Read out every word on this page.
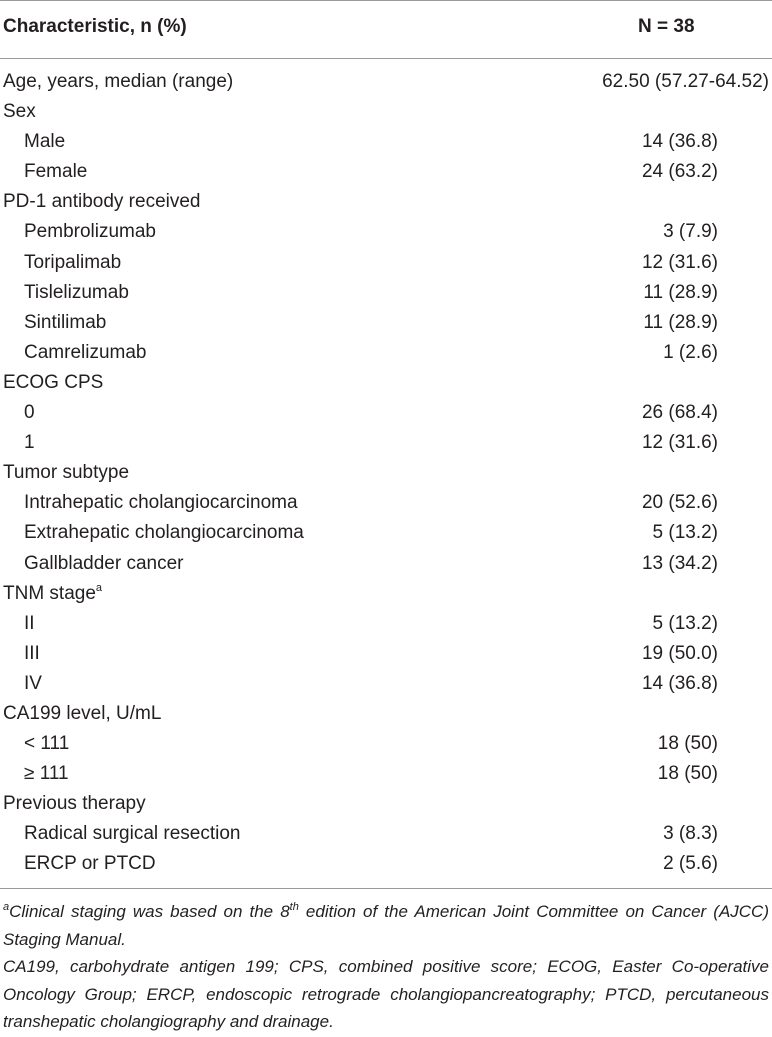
Characteristic, n (%)	N = 38
Age, years, median (range)	62.50 (57.27-64.52)
Sex
Male	14 (36.8)
Female	24 (63.2)
PD-1 antibody received
Pembrolizumab	3 (7.9)
Toripalimab	12 (31.6)
Tislelizumab	11 (28.9)
Sintilimab	11 (28.9)
Camrelizumab	1 (2.6)
ECOG CPS
0	26 (68.4)
1	12 (31.6)
Tumor subtype
Intrahepatic cholangiocarcinoma	20 (52.6)
Extrahepatic cholangiocarcinoma	5 (13.2)
Gallbladder cancer	13 (34.2)
TNM stage$^a$
II	5 (13.2)
III	19 (50.0)
IV	14 (36.8)
CA199 level, U/mL
< 111	18 (50)
≥ 111	18 (50)
Previous therapy
Radical surgical resection	3 (8.3)
ERCP or PTCD	2 (5.6)

$^a$Clinical staging was based on the 8th edition of the American Joint Committee on Cancer (AJCC) Staging Manual.

CA199, carbohydrate antigen 199; CPS, combined positive score; ECOG, Easter Co-operative Oncology Group; ERCP, endoscopic retrograde cholangiopancreatography; PTCD, percutaneous transhepatic cholangiography and drainage.
